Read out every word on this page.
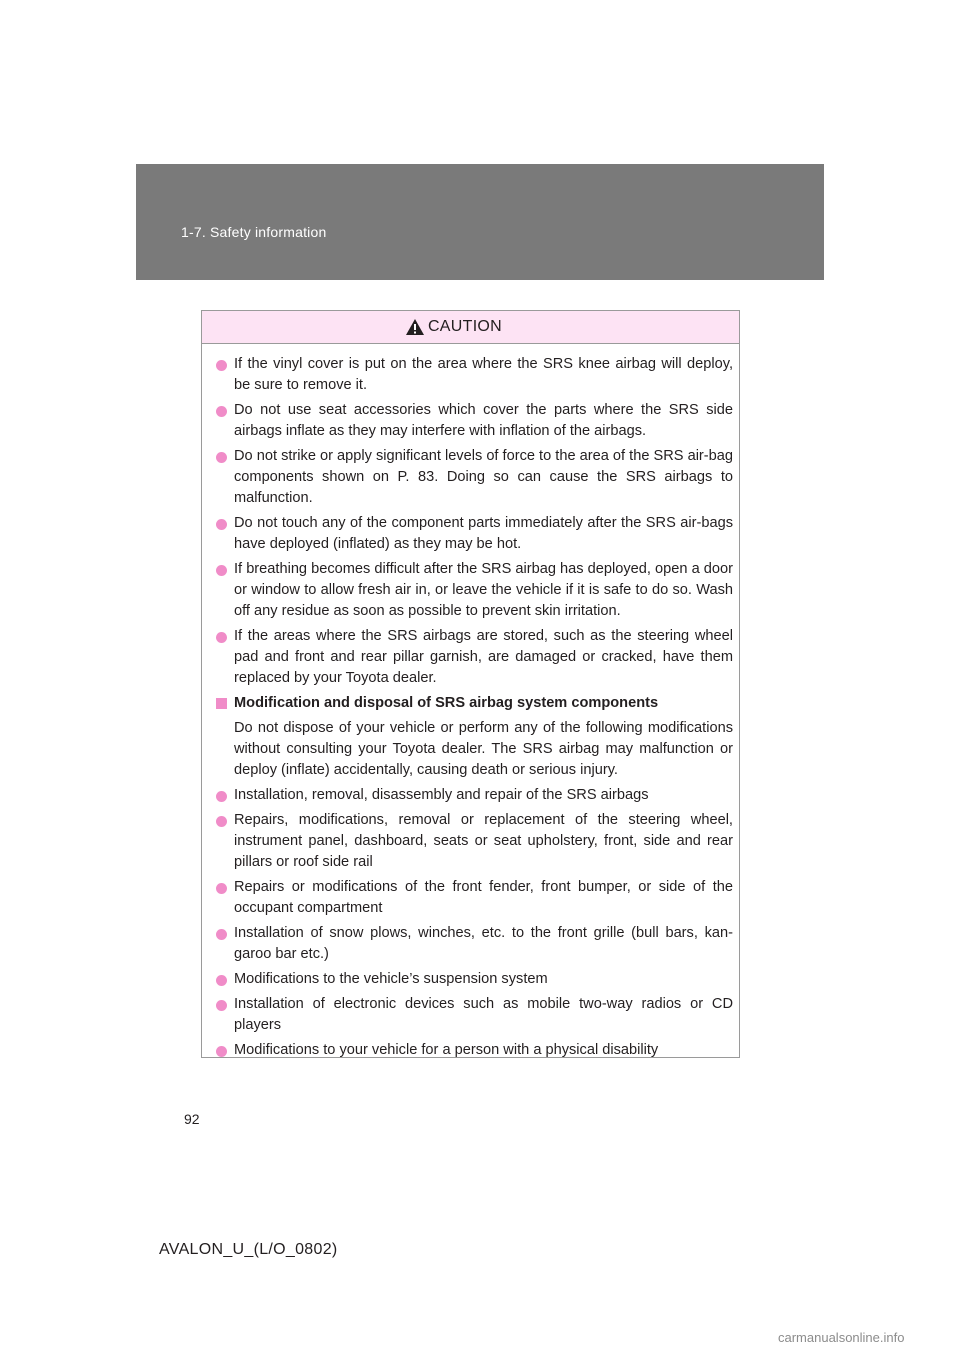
1-7. Safety information
CAUTION
If the vinyl cover is put on the area where the SRS knee airbag will deploy, be sure to remove it.
Do not use seat accessories which cover the parts where the SRS side airbags inflate as they may interfere with inflation of the airbags.
Do not strike or apply significant levels of force to the area of the SRS air-bag components shown on P. 83. Doing so can cause the SRS airbags to malfunction.
Do not touch any of the component parts immediately after the SRS air-bags have deployed (inflated) as they may be hot.
If breathing becomes difficult after the SRS airbag has deployed, open a door or window to allow fresh air in, or leave the vehicle if it is safe to do so. Wash off any residue as soon as possible to prevent skin irritation.
If the areas where the SRS airbags are stored, such as the steering wheel pad and front and rear pillar garnish, are damaged or cracked, have them replaced by your Toyota dealer.
Modification and disposal of SRS airbag system components
Do not dispose of your vehicle or perform any of the following modifications without consulting your Toyota dealer. The SRS airbag may malfunction or deploy (inflate) accidentally, causing death or serious injury.
Installation, removal, disassembly and repair of the SRS airbags
Repairs, modifications, removal or replacement of the steering wheel, instrument panel, dashboard, seats or seat upholstery, front, side and rear pillars or roof side rail
Repairs or modifications of the front fender, front bumper, or side of the occupant compartment
Installation of snow plows, winches, etc. to the front grille (bull bars, kan-garoo bar etc.)
Modifications to the vehicle’s suspension system
Installation of electronic devices such as mobile two-way radios or CD players
Modifications to your vehicle for a person with a physical disability
92
AVALON_U_(L/O_0802)
carmanualsonline.info
